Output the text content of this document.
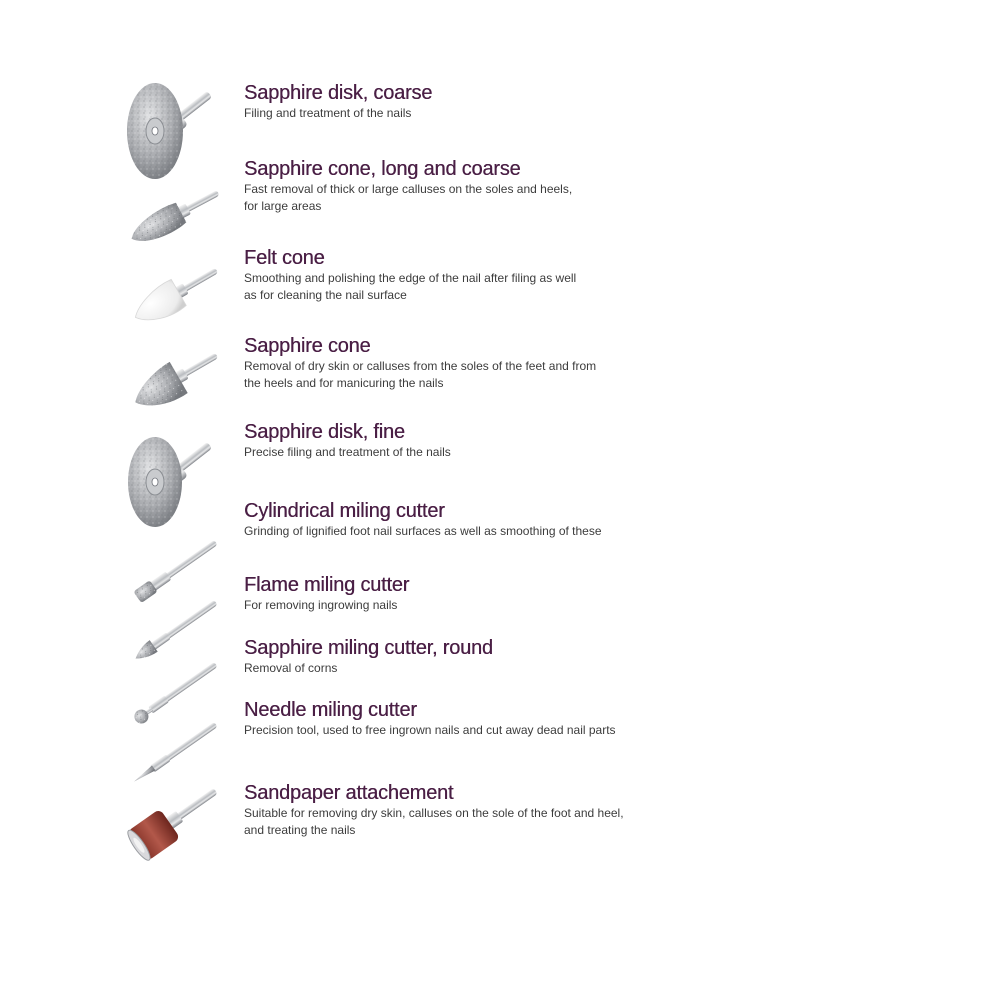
Sapphire disk, coarse
Filing and treatment of the nails
Sapphire cone, long and coarse
Fast removal of thick or large calluses on the soles and heels,
for large areas
Felt cone
Smoothing and polishing the edge of the nail after filing as well
as for cleaning the nail surface
Sapphire cone
Removal of dry skin or calluses from the soles of the feet and from
the heels and for manicuring the nails
Sapphire disk, fine
Precise filing and treatment of the nails
Cylindrical miling cutter
Grinding of lignified foot nail surfaces as well as smoothing of these
Flame miling cutter
For removing ingrowing nails
Sapphire miling cutter, round
Removal of corns
Needle miling cutter
Precision tool, used to free ingrown nails and cut away dead nail parts
Sandpaper attachement
Suitable for removing dry skin, calluses on the sole of the foot and heel,
and treating the nails
